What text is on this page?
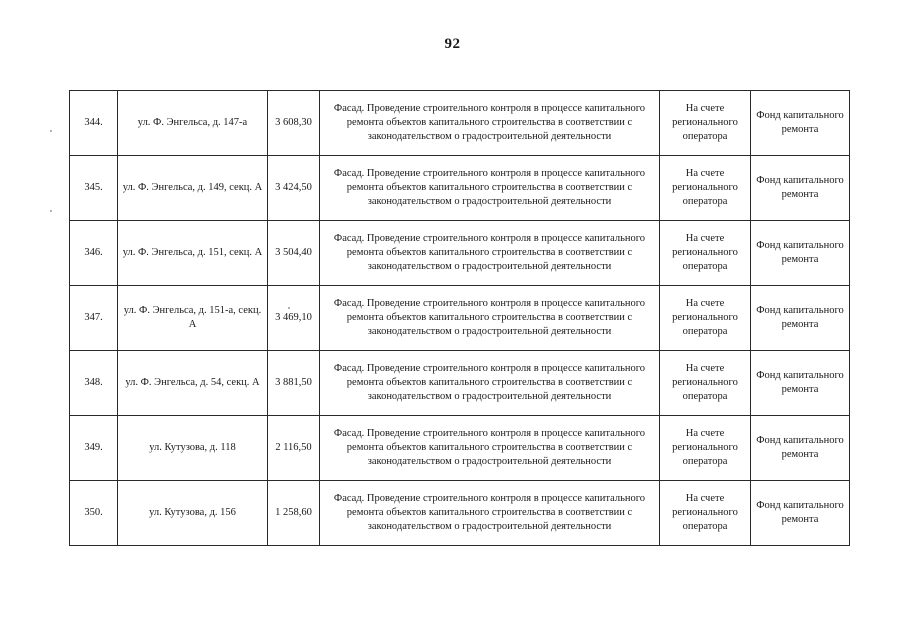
92
344.	ул. Ф. Энгельса, д. 147-а	3 608,30	Фасад. Проведение строительного контроля в процессе капитального ремонта объектов капитального строительства в соответствии с законодательством о градостроительной деятельности	На счете регионального оператора	Фонд капитального ремонта
345.	ул. Ф. Энгельса, д. 149, секц. А	3 424,50	Фасад. Проведение строительного контроля в процессе капитального ремонта объектов капитального строительства в соответствии с законодательством о градостроительной деятельности	На счете регионального оператора	Фонд капитального ремонта
346.	ул. Ф. Энгельса, д. 151, секц. А	3 504,40	Фасад. Проведение строительного контроля в процессе капитального ремонта объектов капитального строительства в соответствии с законодательством о градостроительной деятельности	На счете регионального оператора	Фонд капитального ремонта
347.	ул. Ф. Энгельса, д. 151-а, секц. А	3 469,10	Фасад. Проведение строительного контроля в процессе капитального ремонта объектов капитального строительства в соответствии с законодательством о градостроительной деятельности	На счете регионального оператора	Фонд капитального ремонта
348.	ул. Ф. Энгельса, д. 54, секц. А	3 881,50	Фасад. Проведение строительного контроля в процессе капитального ремонта объектов капитального строительства в соответствии с законодательством о градостроительной деятельности	На счете регионального оператора	Фонд капитального ремонта
349.	ул. Кутузова, д. 118	2 116,50	Фасад. Проведение строительного контроля в процессе капитального ремонта объектов капитального строительства в соответствии с законодательством о градостроительной деятельности	На счете регионального оператора	Фонд капитального ремонта
350.	ул. Кутузова, д. 156	1 258,60	Фасад. Проведение строительного контроля в процессе капитального ремонта объектов капитального строительства в соответствии с законодательством о градостроительной деятельности	На счете регионального оператора	Фонд капитального ремонта
